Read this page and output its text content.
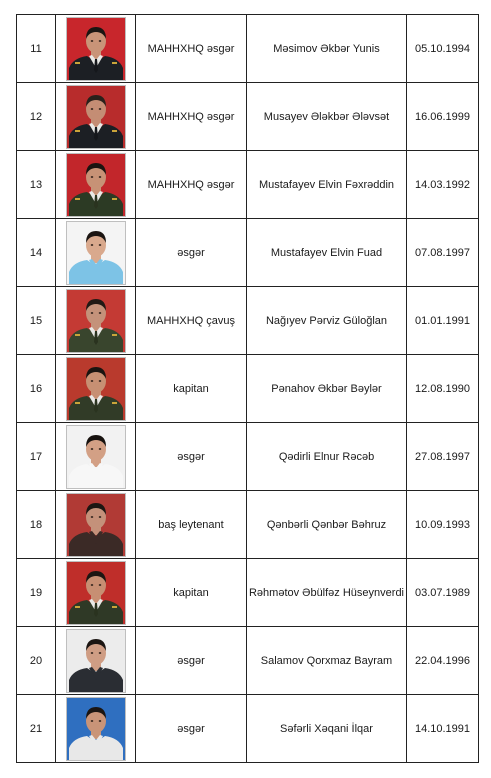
11		MAHHXHQ əsgər	Məsimov Əkbər Yunis	05.10.1994
12		MAHHXHQ əsgər	Musayev Ələkbər Ələvsət	16.06.1999
13		MAHHXHQ əsgər	Mustafayev Elvin Fəxrəddin	14.03.1992
14		əsgər	Mustafayev Elvin Fuad	07.08.1997
15		MAHHXHQ çavuş	Nağıyev Pərviz Güloğlan	01.01.1991
16		kapitan	Pənahov Əkbər Bəylər	12.08.1990
17		əsgər	Qədirli Elnur Rəcəb	27.08.1997
18		baş leytenant	Qənbərli Qənbər Bəhruz	10.09.1993
19		kapitan	Rəhmətov Əbülfəz Hüseynverdi	03.07.1989
20		əsgər	Salamov Qorxmaz Bayram	22.04.1996
21		əsgər	Səfərli Xəqani İlqar	14.10.1991
